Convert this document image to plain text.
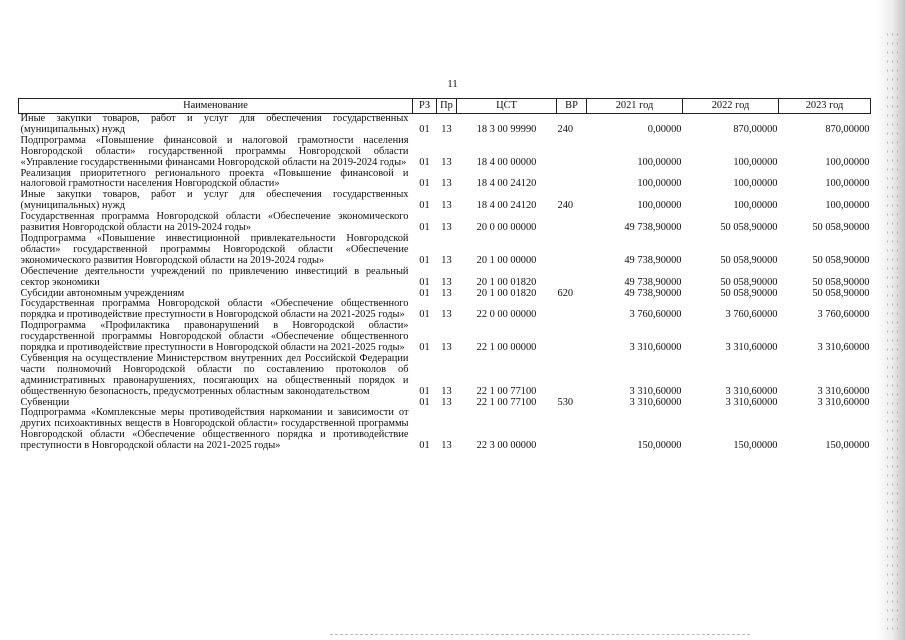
11
Наименование	РЗ	Пр	ЦСТ	ВР	2021 год	2022 год	2023 год
Иные закупки товаров, работ и услуг для обеспечения государственных (муниципальных) нужд	01	13	18 3 00 99990	240	0,00000	870,00000	870,00000
Подпрограмма «Повышение финансовой и налоговой грамотности населения Новгородской области» государственной программы Новгородской области «Управление государственными финансами Новгородской области на 2019-2024 годы»	01	13	18 4 00 00000		100,00000	100,00000	100,00000
Реализация приоритетного регионального проекта «Повышение финансовой и налоговой грамотности населения Новгородской области»	01	13	18 4 00 24120		100,00000	100,00000	100,00000
Иные закупки товаров, работ и услуг для обеспечения государственных (муниципальных) нужд	01	13	18 4 00 24120	240	100,00000	100,00000	100,00000
Государственная программа Новгородской области «Обеспечение экономического развития Новгородской области на 2019-2024 годы»	01	13	20 0 00 00000		49 738,90000	50 058,90000	50 058,90000
Подпрограмма «Повышение инвестиционной привлекательности Новгородской области» государственной программы Новгородской области «Обеспечение экономического развития Новгородской области на 2019-2024 годы»	01	13	20 1 00 00000		49 738,90000	50 058,90000	50 058,90000
Обеспечение деятельности учреждений по привлечению инвестиций в реальный сектор экономики	01	13	20 1 00 01820		49 738,90000	50 058,90000	50 058,90000
Субсидии автономным учреждениям	01	13	20 1 00 01820	620	49 738,90000	50 058,90000	50 058,90000
Государственная программа Новгородской области «Обеспечение общественного порядка и противодействие преступности в Новгородской области на 2021-2025 годы»	01	13	22 0 00 00000		3 760,60000	3 760,60000	3 760,60000
Подпрограмма «Профилактика правонарушений в Новгородской области» государственной программы Новгородской области «Обеспечение общественного порядка и противодействие преступности в Новгородской области на 2021-2025 годы»	01	13	22 1 00 00000		3 310,60000	3 310,60000	3 310,60000
Субвенция на осуществление Министерством внутренних дел Российской Федерации части полномочий Новгородской области по составлению протоколов об административных правонарушениях, посягающих на общественный порядок и общественную безопасность, предусмотренных областным законодательством	01	13	22 1 00 77100		3 310,60000	3 310,60000	3 310,60000
Субвенции	01	13	22 1 00 77100	530	3 310,60000	3 310,60000	3 310,60000
Подпрограмма «Комплексные меры противодействия наркомании и зависимости от других психоактивных веществ в Новгородской области» государственной программы Новгородской области «Обеспечение общественного порядка и противодействие преступности в Новгородской области на 2021-2025 годы»	01	13	22 3 00 00000		150,00000	150,00000	150,00000
